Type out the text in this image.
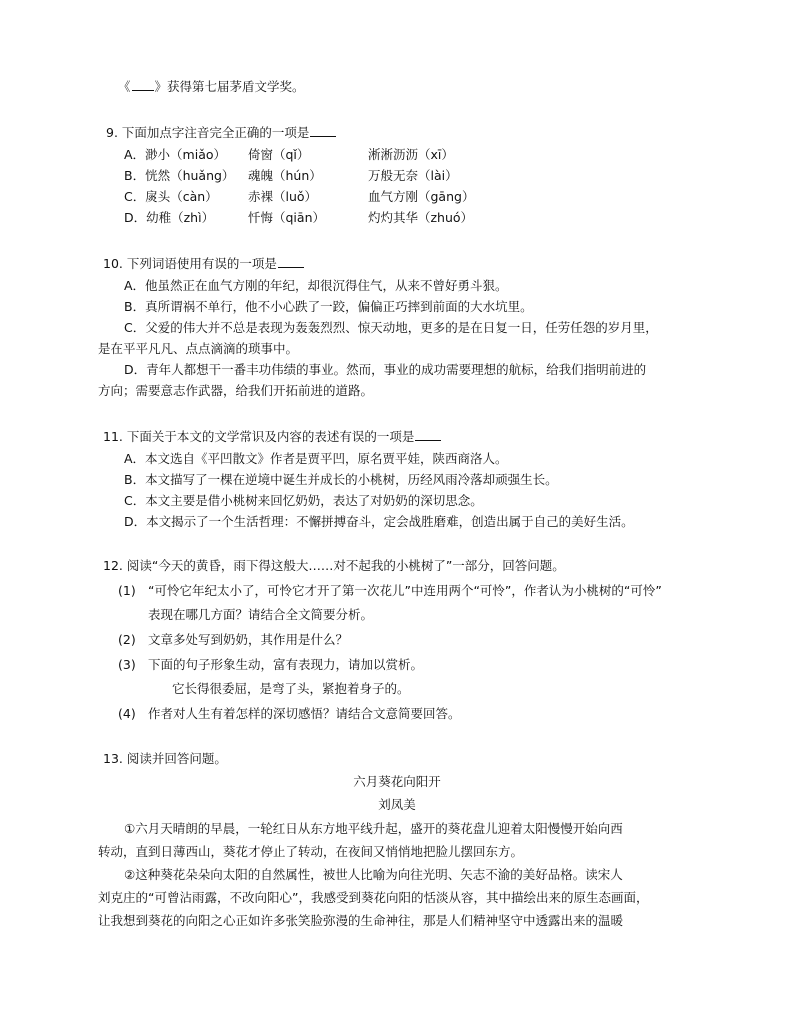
《 》获得第七届茅盾文学奖。
9. 下面加点字注音完全正确的一项是
A．渺小（miǎo） 倚窗（qǐ）	淅淅沥沥（xī）
B．恍然（huǎng） 魂魄（hún）	万般无奈（lài）
C．扊头（càn） 赤裸（luǒ）	血气方刚（gāng）
D．幼稚（zhì）	忏悔（qiān）	灼灼其华（zhuó）
10. 下列词语使用有误的一项是
A．他虽然正在血气方刚的年纪，却很沉得住气，从来不曾好勇斗狠。
B．真所谓祸不单行，他不小心跌了一跤，偏偏正巧摔到前面的大水坑里。
C．父爱的伟大并不总是表现为轰轰烈烈、惊天动地，更多的是在日复一日，任劳任怨的岁月里，
是在平平凡凡、点点滴滴的琐事中。
D．青年人都想干一番丰功伟绩的事业。然而，事业的成功需要理想的航标，给我们指明前进的
方向；需要意志作武器，给我们开拓前进的道路。
11. 下面关于本文的文学常识及内容的表述有误的一项是
A．本文选自《平凹散文》作者是贾平凹，原名贾平娃，陕西商洛人。
B．本文描写了一棵在逆境中诞生并成长的小桃树，历经风雨冷落却顽强生长。
C．本文主要是借小桃树来回忆奶奶，表达了对奶奶的深切思念。
D．本文揭示了一个生活哲理：不懈拼搏奋斗，定会战胜磨难，创造出属于自己的美好生活。
12. 阅读“今天的黄昏，雨下得这般大……对不起我的小桃树了”一部分，回答问题。
(1) “可怜它年纪太小了，可怜它才开了第一次花儿”中连用两个“可怜”，作者认为小桃树的“可怜”
表现在哪几方面？请结合全文简要分析。
(2) 文章多处写到奶奶，其作用是什么？
(3) 下面的句子形象生动，富有表现力，请加以赏析。
它长得很委屈，是弯了头，紧抱着身子的。
(4) 作者对人生有着怎样的深切感悟？请结合文意简要回答。
13. 阅读并回答问题。
六月葵花向阳开
刘凤美
①六月天晴朗的早晨，一轮红日从东方地平线升起，盛开的葵花盘儿迎着太阳慢慢开始向西
转动，直到日薄西山，葵花才停止了转动，在夜间又悄悄地把脸儿摆回东方。
②这种葵花朵朵向太阳的自然属性，被世人比喻为向往光明、矢志不渝的美好品格。读宋人
刘克庄的“可曾沾雨露，不改向阳心”，我感受到葵花向阳的恬淡从容，其中描绘出来的原生态画面，
让我想到葵花的向阳之心正如许多张笑脸弥漫的生命神往，那是人们精神坚守中透露出来的温暖
